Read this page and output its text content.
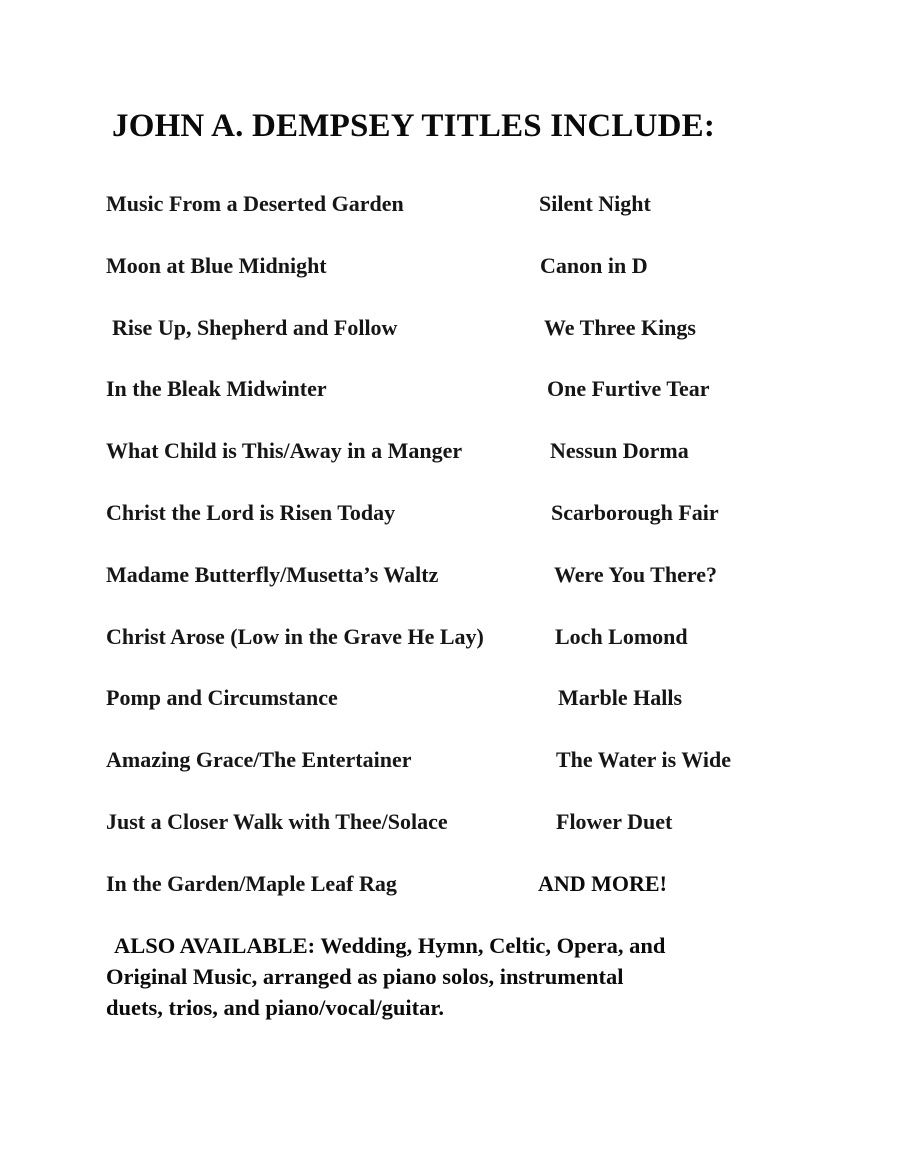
JOHN A. DEMPSEY TITLES INCLUDE:
Music From a Deserted Garden	Silent Night
Moon at Blue Midnight	Canon in D
Rise Up, Shepherd and Follow	We Three Kings
In the Bleak Midwinter	One Furtive Tear
What Child is This/Away in a Manger	Nessun Dorma
Christ the Lord is Risen Today	Scarborough Fair
Madame Butterfly/Musetta’s Waltz	Were You There?
Christ Arose (Low in the Grave He Lay)	Loch Lomond
Pomp and Circumstance	Marble Halls
Amazing Grace/The Entertainer	The Water is Wide
Just a Closer Walk with Thee/Solace	Flower Duet
In the Garden/Maple Leaf Rag	AND MORE!
ALSO AVAILABLE: Wedding, Hymn, Celtic, Opera, and
Original Music, arranged as piano solos, instrumental
duets, trios, and piano/vocal/guitar.
